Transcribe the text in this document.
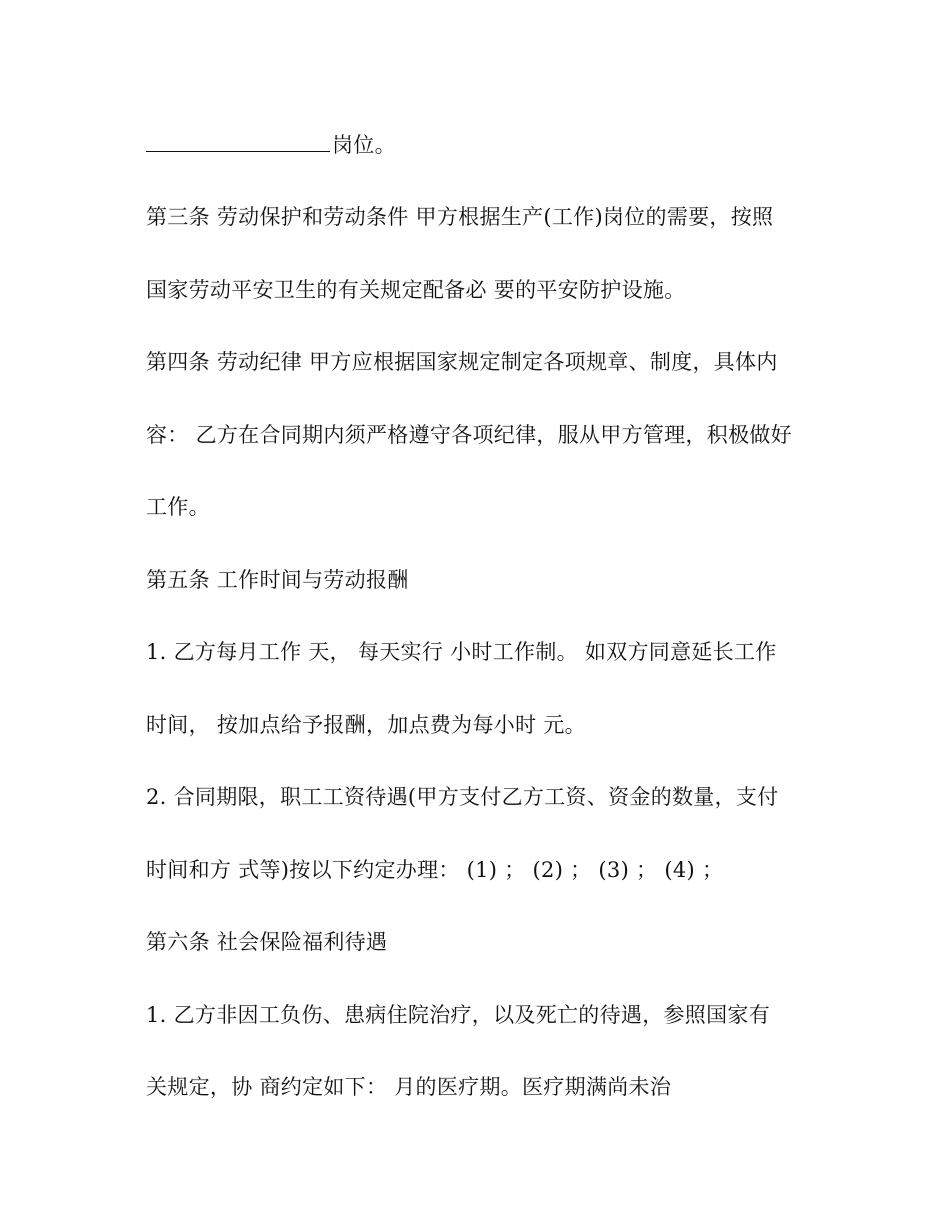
岗位。
第三条 劳动保护和劳动条件 甲方根据生产(工作)岗位的需要，按照
国家劳动平安卫生的有关规定配备必 要的平安防护设施。
第四条 劳动纪律 甲方应根据国家规定制定各项规章、制度，具体内
容： 乙方在合同期内须严格遵守各项纪律，服从甲方管理，积极做好
工作。
第五条 工作时间与劳动报酬
1. 乙方每月工作 天， 每天实行 小时工作制。 如双方同意延长工作
时间， 按加点给予报酬，加点费为每小时 元。
2. 合同期限，职工工资待遇(甲方支付乙方工资、资金的数量，支付
时间和方 式等)按以下约定办理： (1) ； (2) ； (3) ； (4) ；
第六条 社会保险福利待遇
1. 乙方非因工负伤、患病住院治疗，以及死亡的待遇，参照国家有
关规定，协 商约定如下： 月的医疗期。医疗期满尚未治
